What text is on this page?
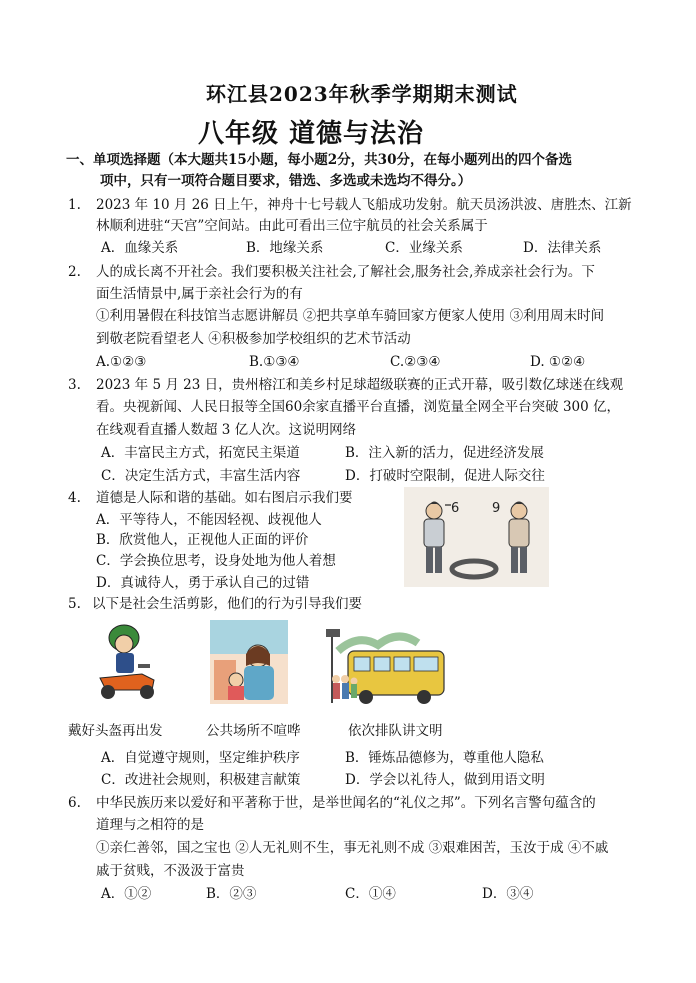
环江县2023年秋季学期期末测试
八年级 道德与法治
一、单项选择题（本大题共15小题，每小题2分，共30分，在每小题列出的四个备选
项中，只有一项符合题目要求，错选、多选或未选均不得分。）
1. 2023 年 10 月 26 日上午，神舟十七号载人飞船成功发射。航天员汤洪波、唐胜杰、江新
林顺利进驻“天宫”空间站。由此可看出三位宇航员的社会关系属于
A．血缘关系	B．地缘关系	C．业缘关系	D．法律关系
2. 人的成长离不开社会。我们要积极关注社会,了解社会,服务社会,养成亲社会行为。下
面生活情景中,属于亲社会行为的有
①利用暑假在科技馆当志愿讲解员 ②把共享单车骑回家方便家人使用 ③利用周末时间
到敬老院看望老人 ④积极参加学校组织的艺术节活动
A.①②③	B.①③④	C.②③④	D. ①②④
3. 2023 年 5 月 23 日，贵州榕江和美乡村足球超级联赛的正式开幕，吸引数亿球迷在线观
看。央视新闻、人民日报等全国60余家直播平台直播，浏览量全网全平台突破 300 亿，
在线观看直播人数超 3 亿人次。这说明网络
A．丰富民主方式，拓宽民主渠道	B．注入新的活力，促进经济发展
C．决定生活方式，丰富生活内容	D．打破时空限制，促进人际交往
4. 道德是人际和谐的基础。如右图启示我们要
A．平等待人，不能因轻视、歧视他人
B．欣赏他人，正视他人正面的评价
C．学会换位思考，设身处地为他人着想
D．真诚待人，勇于承认自己的过错
6	9
5. 以下是社会生活剪影，他们的行为引导我们要
戴好头盔再出发	公共场所不喧哗	依次排队讲文明
A．自觉遵守规则，坚定维护秩序	B．锤炼品德修为，尊重他人隐私
C．改进社会规则，积极建言献策	D．学会以礼待人，做到用语文明
6. 中华民族历来以爱好和平著称于世，是举世闻名的“礼仪之邦”。下列名言警句蕴含的
道理与之相符的是
①亲仁善邻，国之宝也 ②人无礼则不生，事无礼则不成 ③艰难困苦，玉汝于成 ④不戚
戚于贫贱，不汲汲于富贵
A．①②	B．②③	C．①④	D．③④
